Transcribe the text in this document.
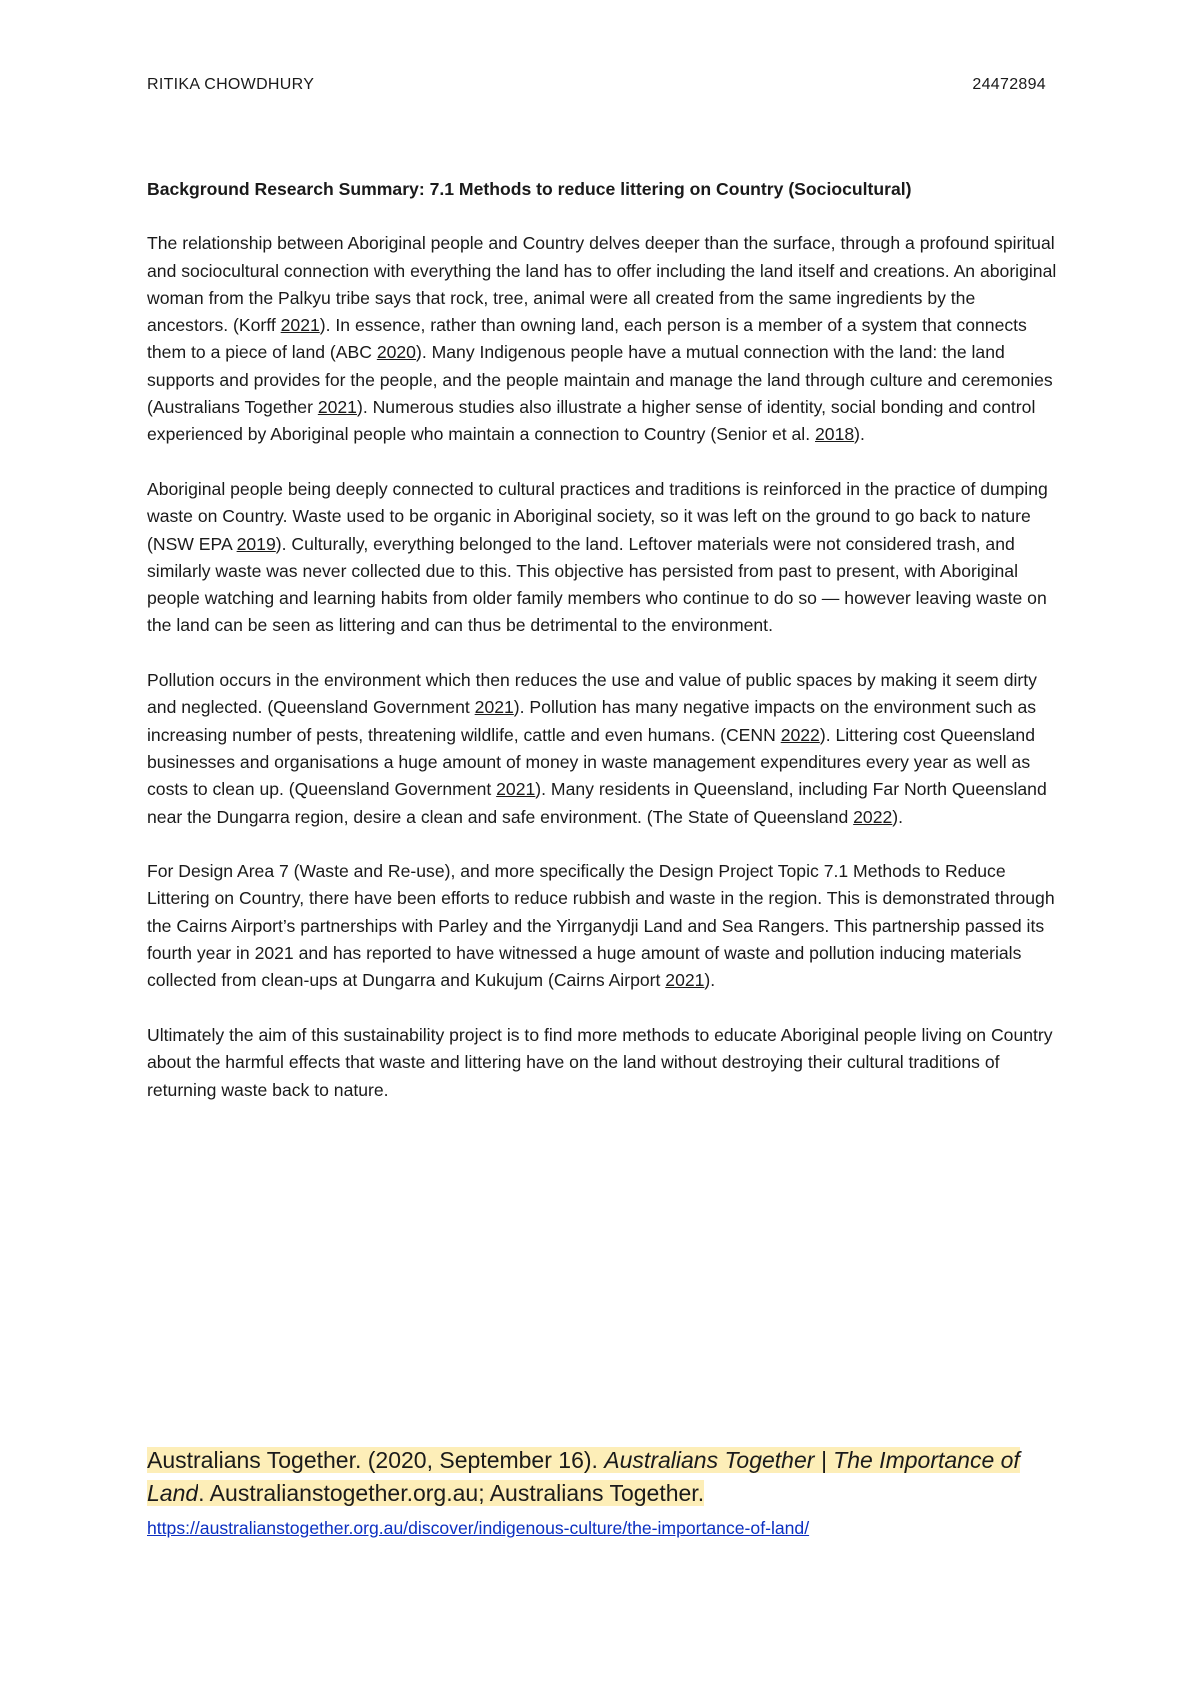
RITIKA CHOWDHURY	24472894

Background Research Summary: 7.1 Methods to reduce littering on Country (Sociocultural)

The relationship between Aboriginal people and Country delves deeper than the surface, through a profound spiritual and sociocultural connection with everything the land has to offer including the land itself and creations. An aboriginal woman from the Palkyu tribe says that rock, tree, animal were all created from the same ingredients by the ancestors. (Korff 2021). In essence, rather than owning land, each person is a member of a system that connects them to a piece of land (ABC 2020). Many Indigenous people have a mutual connection with the land: the land supports and provides for the people, and the people maintain and manage the land through culture and ceremonies (Australians Together 2021). Numerous studies also illustrate a higher sense of identity, social bonding and control experienced by Aboriginal people who maintain a connection to Country (Senior et al. 2018).

Aboriginal people being deeply connected to cultural practices and traditions is reinforced in the practice of dumping waste on Country. Waste used to be organic in Aboriginal society, so it was left on the ground to go back to nature (NSW EPA 2019). Culturally, everything belonged to the land. Leftover materials were not considered trash, and similarly waste was never collected due to this. This objective has persisted from past to present, with Aboriginal people watching and learning habits from older family members who continue to do so — however leaving waste on the land can be seen as littering and can thus be detrimental to the environment.

Pollution occurs in the environment which then reduces the use and value of public spaces by making it seem dirty and neglected. (Queensland Government 2021). Pollution has many negative impacts on the environment such as increasing number of pests, threatening wildlife, cattle and even humans. (CENN 2022). Littering cost Queensland businesses and organisations a huge amount of money in waste management expenditures every year as well as costs to clean up. (Queensland Government 2021). Many residents in Queensland, including Far North Queensland near the Dungarra region, desire a clean and safe environment. (The State of Queensland 2022).

For Design Area 7 (Waste and Re-use), and more specifically the Design Project Topic 7.1 Methods to Reduce Littering on Country, there have been efforts to reduce rubbish and waste in the region. This is demonstrated through the Cairns Airport’s partnerships with Parley and the Yirrganydji Land and Sea Rangers. This partnership passed its fourth year in 2021 and has reported to have witnessed a huge amount of waste and pollution inducing materials collected from clean-ups at Dungarra and Kukujum (Cairns Airport 2021).

Ultimately the aim of this sustainability project is to find more methods to educate Aboriginal people living on Country about the harmful effects that waste and littering have on the land without destroying their cultural traditions of returning waste back to nature.

Australians Together. (2020, September 16). Australians Together | The Importance of Land. Australianstogether.org.au; Australians Together.
https://australianstogether.org.au/discover/indigenous-culture/the-importance-of-land/
